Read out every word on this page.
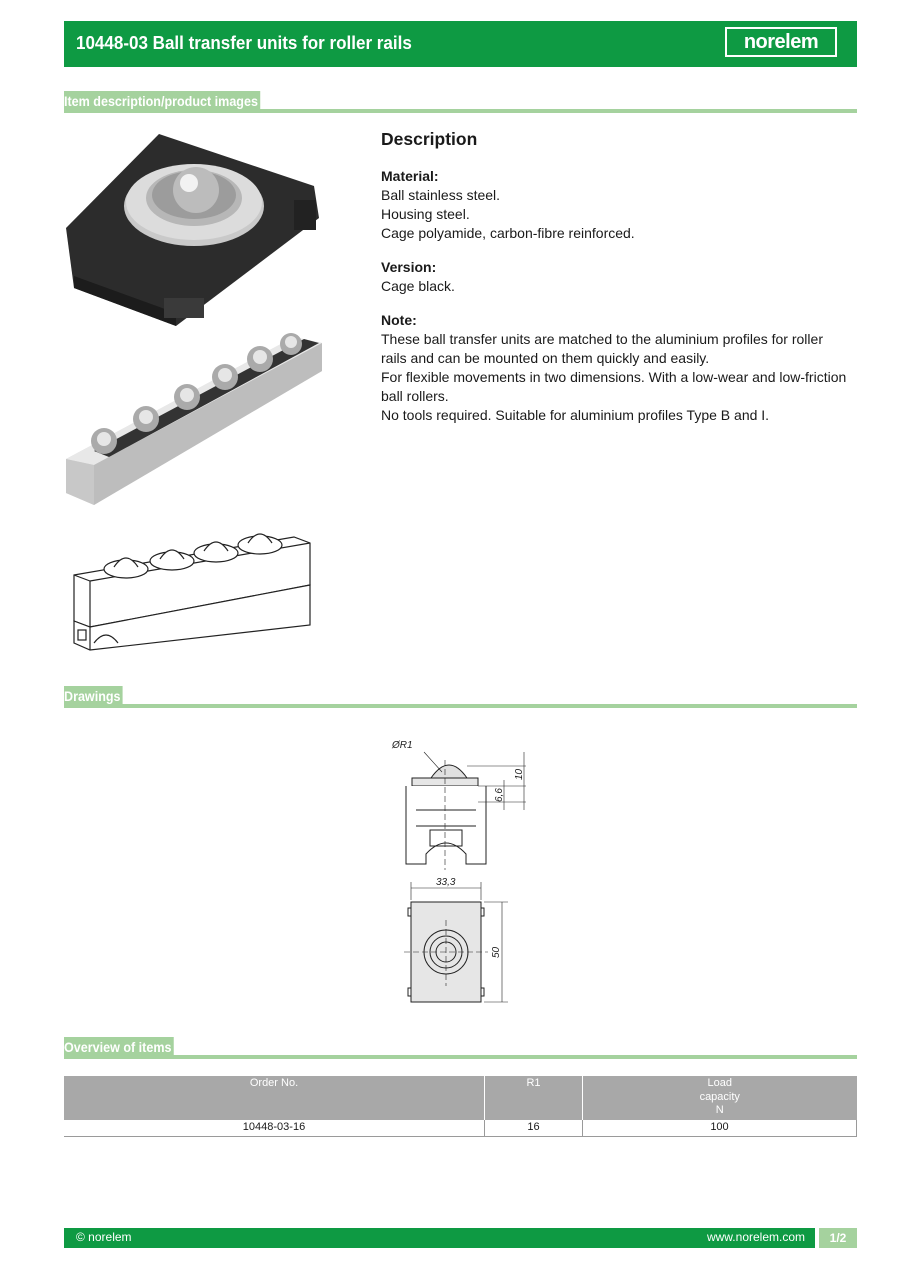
10448-03 Ball transfer units for roller rails	norelem
Item description/product images
Description
Material:

Ball stainless steel.

Housing steel.

Cage polyamide, carbon-fibre reinforced.

Version:

Cage black.

Note:

These ball transfer units are matched to the aluminium profiles for roller rails and can be mounted on them quickly and easily.

For flexible movements in two dimensions. With a low-wear and low-friction ball rollers.

No tools required. Suitable for aluminium profiles Type B and I.

Drawings
ØR1
10
6,6
33,3
50
Overview of items
Order No.	R1	Load
capacity
N
10448-03-16	16	100
© norelem	www.norelem.com	1/2
